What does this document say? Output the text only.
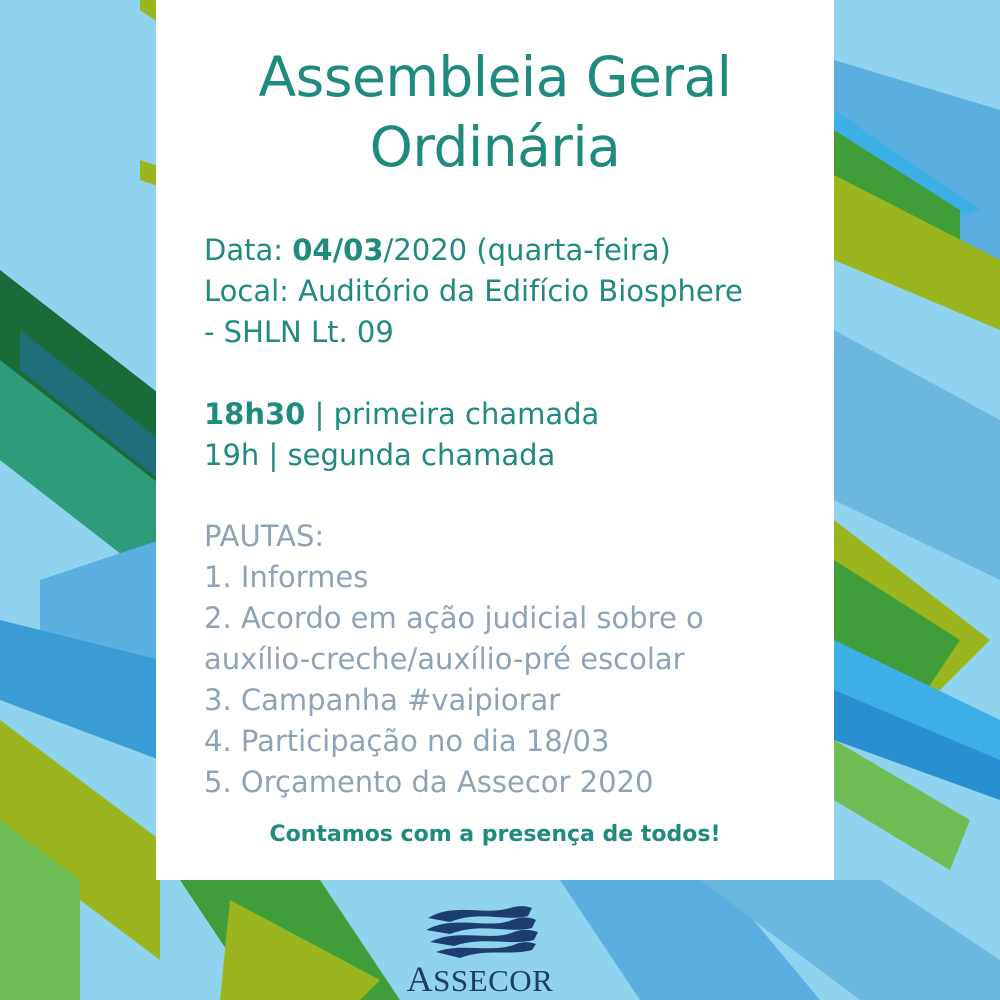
Assembleia Geral
Ordinária
Data: 04/03/2020 (quarta-feira)
Local: Auditório da Edifício Biosphere
- SHLN Lt. 09
18h30 | primeira chamada
19h | segunda chamada
PAUTAS:
1. Informes
2. Acordo em ação judicial sobre o
auxílio-creche/auxílio-pré escolar
3. Campanha #vaipiorar
4. Participação no dia 18/03
5. Orçamento da Assecor 2020
Contamos com a presença de todos!
ASSECOR
